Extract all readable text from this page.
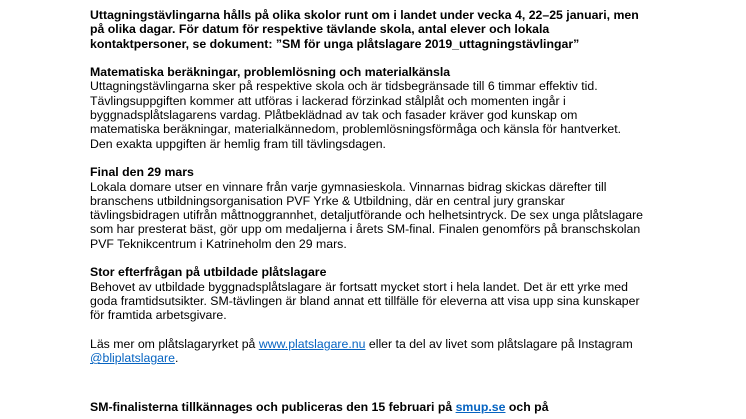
Uttagningstävlingarna hålls på olika skolor runt om i landet under vecka 4, 22–25 januari, men
på olika dagar. För datum för respektive tävlande skola, antal elever och lokala
kontaktpersoner, se dokument: ”SM för unga plåtslagare 2019_uttagningstävlingar”
Matematiska beräkningar, problemlösning och materialkänsla
Uttagningstävlingarna sker på respektive skola och är tidsbegränsade till 6 timmar effektiv tid.
Tävlingsuppgiften kommer att utföras i lackerad förzinkad stålplåt och momenten ingår i
byggnadsplåtslagarens vardag. Plåtbeklädnad av tak och fasader kräver god kunskap om
matematiska beräkningar, materialkännedom, problemlösningsförmåga och känsla för hantverket.
Den exakta uppgiften är hemlig fram till tävlingsdagen.
Final den 29 mars
Lokala domare utser en vinnare från varje gymnasieskola. Vinnarnas bidrag skickas därefter till
branschens utbildningsorganisation PVF Yrke & Utbildning, där en central jury granskar
tävlingsbidragen utifrån måttnoggrannhet, detaljutförande och helhetsintryck. De sex unga plåtslagare
som har presterat bäst, gör upp om medaljerna i årets SM-final. Finalen genomförs på branschskolan
PVF Teknikcentrum i Katrineholm den 29 mars.
Stor efterfrågan på utbildade plåtslagare
Behovet av utbildade byggnadsplåtslagare är fortsatt mycket stort i hela landet. Det är ett yrke med
goda framtidsutsikter. SM-tävlingen är bland annat ett tillfälle för eleverna att visa upp sina kunskaper
för framtida arbetsgivare.
Läs mer om plåtslagaryrket på www.platslagare.nu eller ta del av livet som plåtslagare på Instagram
@bliplatslagare.
SM-finalisterna tillkännages och publiceras den 15 februari på smup.se och på
